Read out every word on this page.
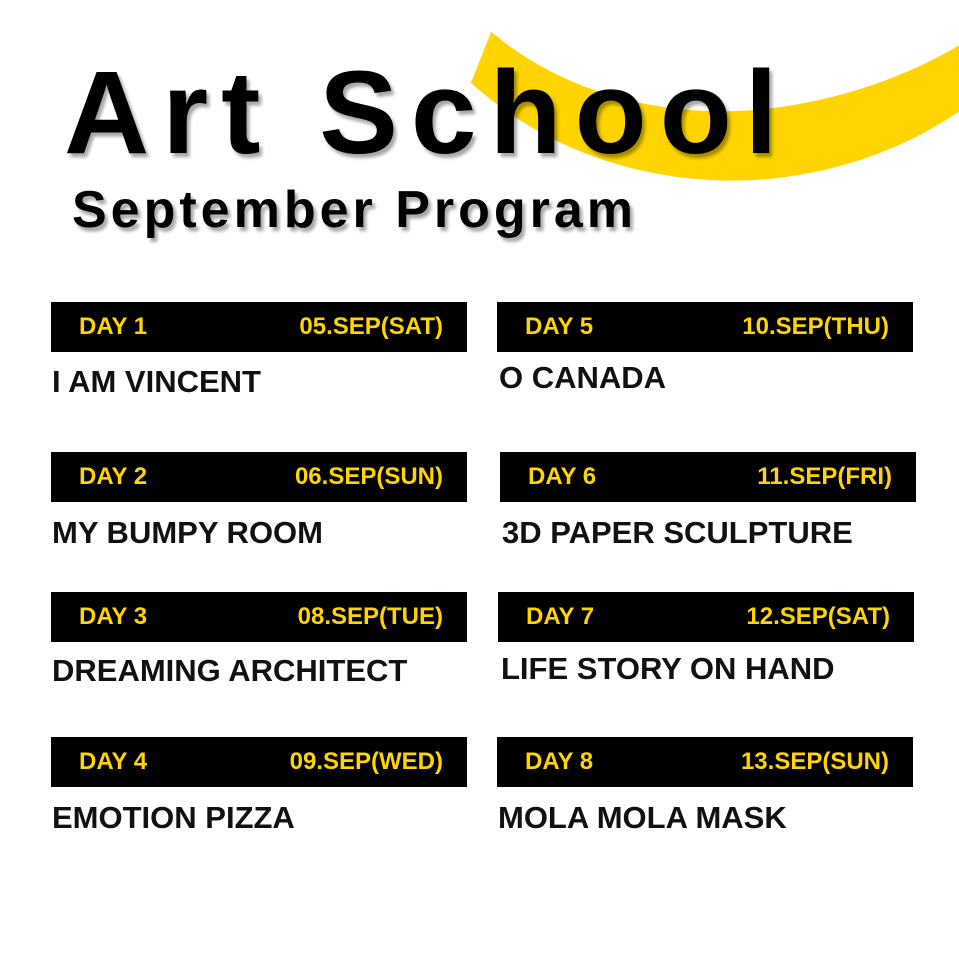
Art School
September Program
DAY 1	05.SEP(SAT)
I AM VINCENT
DAY 2	06.SEP(SUN)
MY BUMPY ROOM
DAY 3	08.SEP(TUE)
DREAMING ARCHITECT
DAY 4	09.SEP(WED)
EMOTION PIZZA
DAY 5	10.SEP(THU)
O CANADA
DAY 6	11.SEP(FRI)
3D PAPER SCULPTURE
DAY 7	12.SEP(SAT)
LIFE STORY ON HAND
DAY 8	13.SEP(SUN)
MOLA MOLA MASK
